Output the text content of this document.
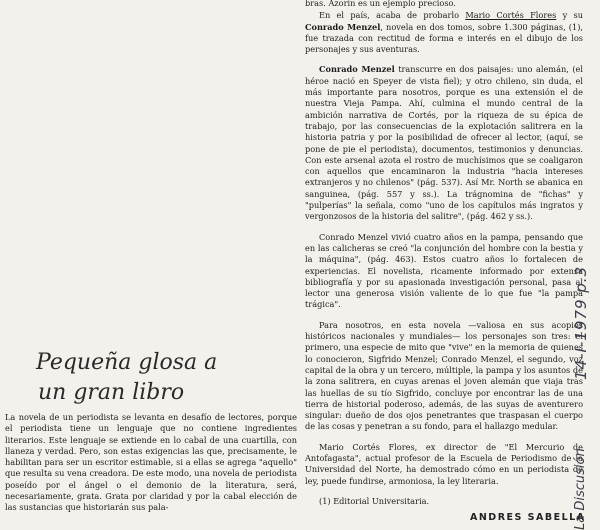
Pequeña glosa a
un gran libro

La novela de un periodista se levanta en desafío de lectores, porque el periodista tiene un lenguaje que no contiene ingredientes literarios. Este lenguaje se extiende en lo cabal de una cuartilla, con llaneza y verdad. Pero, son estas exigencias las que, precisamente, le habilitan para ser un escritor estimable, si a ellas se agrega "aquello" que resulta su vena creadora. De este modo, una novela de periodista poseído por el ángel o el demonio de la literatura, será, necesariamente, grata. Grata por claridad y por la cabal elección de las sustancias que historiarán sus pala-

bras. Azorín es un ejemplo precioso.

En el país, acaba de probarlo Mario Cortés Flores y su Conrado Menzel, novela en dos tomos, sobre 1.300 páginas, (1), fue trazada con rectitud de forma e interés en el dibujo de los personajes y sus aventuras.

Conrado Menzel transcurre en dos paisajes: uno alemán, (el héroe nació en Speyer de vista fiel); y otro chileno, sin duda, el más importante para nosotros, porque es una extensión el de nuestra Vieja Pampa. Ahí, culmina el mundo central de la ambición narrativa de Cortés, por la riqueza de su épica de trabajo, por las consecuencias de la explotación salitrera en la historia patria y por la posibilidad de ofrecer al lector, (aquí, se pone de pie el periodista), documentos, testimonios y denuncias. Con este arsenal azota el rostro de muchísimos que se coaligaron con aquellos que encaminaron la industria "hacia intereses extranjeros y no chilenos" (pág. 537). Así Mr. North se abanica en sanguinea, (pág. 557 y ss.). La trágnomina de "fichas" y "pulperías" la señala, como "uno de los capítulos más ingratos y vergonzosos de la historia del salitre", (pág. 462 y ss.).

Conrado Menzel vivió cuatro años en la pampa, pensando que en las calicheras se creó "la conjunción del hombre con la bestia y la máquina", (pág. 463). Estos cuatro años lo fortalecen de experiencias. El novelista, ricamente informado por extensa bibliografía y por su apasionada investigación personal, pasa al lector una generosa visión valiente de lo que fue "la pampa trágica".

Para nosotros, en esta novela —valiosa en sus acopios históricos nacionales y mundiales— los personajes son tres: el primero, una especie de mito que "vive" en la memoria de quienes lo conocieron, Sigfrido Menzel; Conrado Menzel, el segundo, voz capital de la obra y un tercero, múltiple, la pampa y los asuntos de la zona salitrera, en cuyas arenas el joven alemán que viaja tras las huellas de su tío Sigfrido, concluye por encontrar las de una tierra de historial poderoso, además, de las suyas de aventurero singular: dueño de dos ojos penetrantes que traspasan el cuerpo de las cosas y penetran a su fondo, para el hallazgo medular.

Mario Cortés Flores, ex director de "El Mercurio de Antofagasta", actual profesor de la Escuela de Periodismo de la Universidad del Norte, ha demostrado cómo en un periodista de ley, puede fundirse, armoniosa, la ley literaria.

(1) Editorial Universitaria.

ANDRES SABELLA
14-I-1979 p.3
La Discusión
